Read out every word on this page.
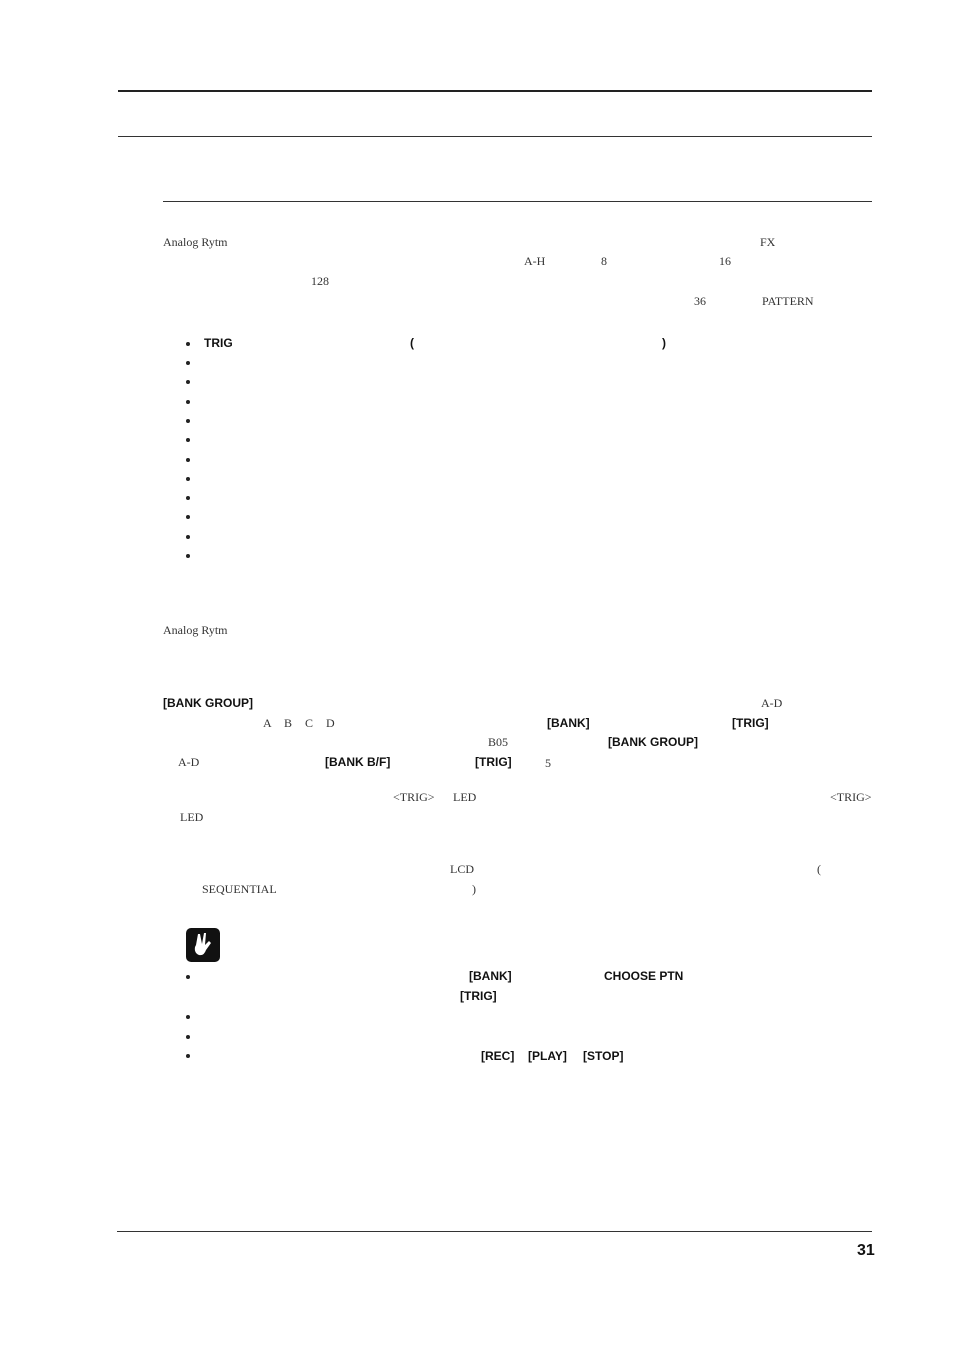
Analog Rytm	FX
A-H	8	16
128
36	PATTERN
TRIG	(	)
Analog Rytm
[BANK GROUP]	A-D
A B C D	[BANK]	[TRIG]
B05	[BANK GROUP]
A-D	[BANK B/F]	[TRIG]	5
<TRIG> LED	<TRIG>
LED
LCD	(
SEQUENTIAL	)
[BANK]	CHOOSE PTN
[TRIG]
[REC] [PLAY] [STOP]
31
